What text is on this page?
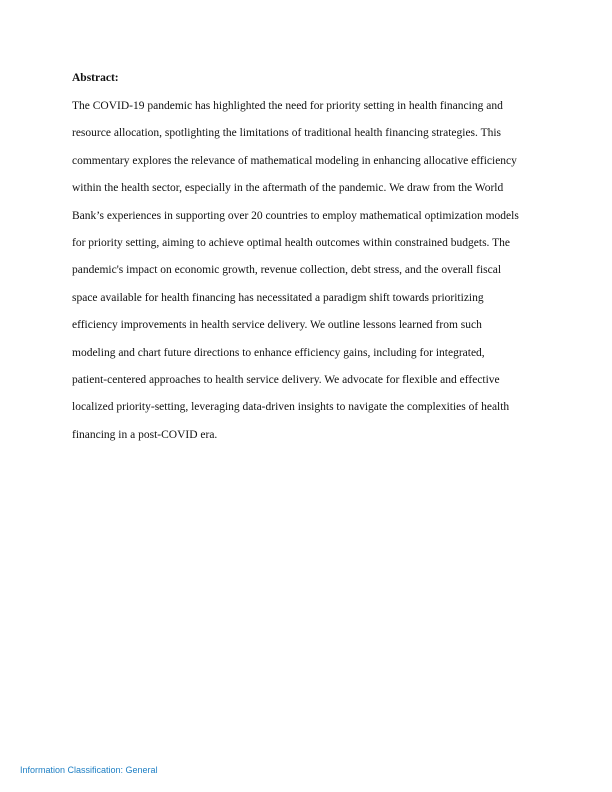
Abstract:

The COVID-19 pandemic has highlighted the need for priority setting in health financing and
resource allocation, spotlighting the limitations of traditional health financing strategies. This
commentary explores the relevance of mathematical modeling in enhancing allocative efficiency
within the health sector, especially in the aftermath of the pandemic. We draw from the World
Bank’s experiences in supporting over 20 countries to employ mathematical optimization models
for priority setting, aiming to achieve optimal health outcomes within constrained budgets. The
pandemic's impact on economic growth, revenue collection, debt stress, and the overall fiscal
space available for health financing has necessitated a paradigm shift towards prioritizing
efficiency improvements in health service delivery. We outline lessons learned from such
modeling and chart future directions to enhance efficiency gains, including for integrated,
patient-centered approaches to health service delivery. We advocate for flexible and effective
localized priority-setting, leveraging data-driven insights to navigate the complexities of health
financing in a post-COVID era.

Information Classification: General
